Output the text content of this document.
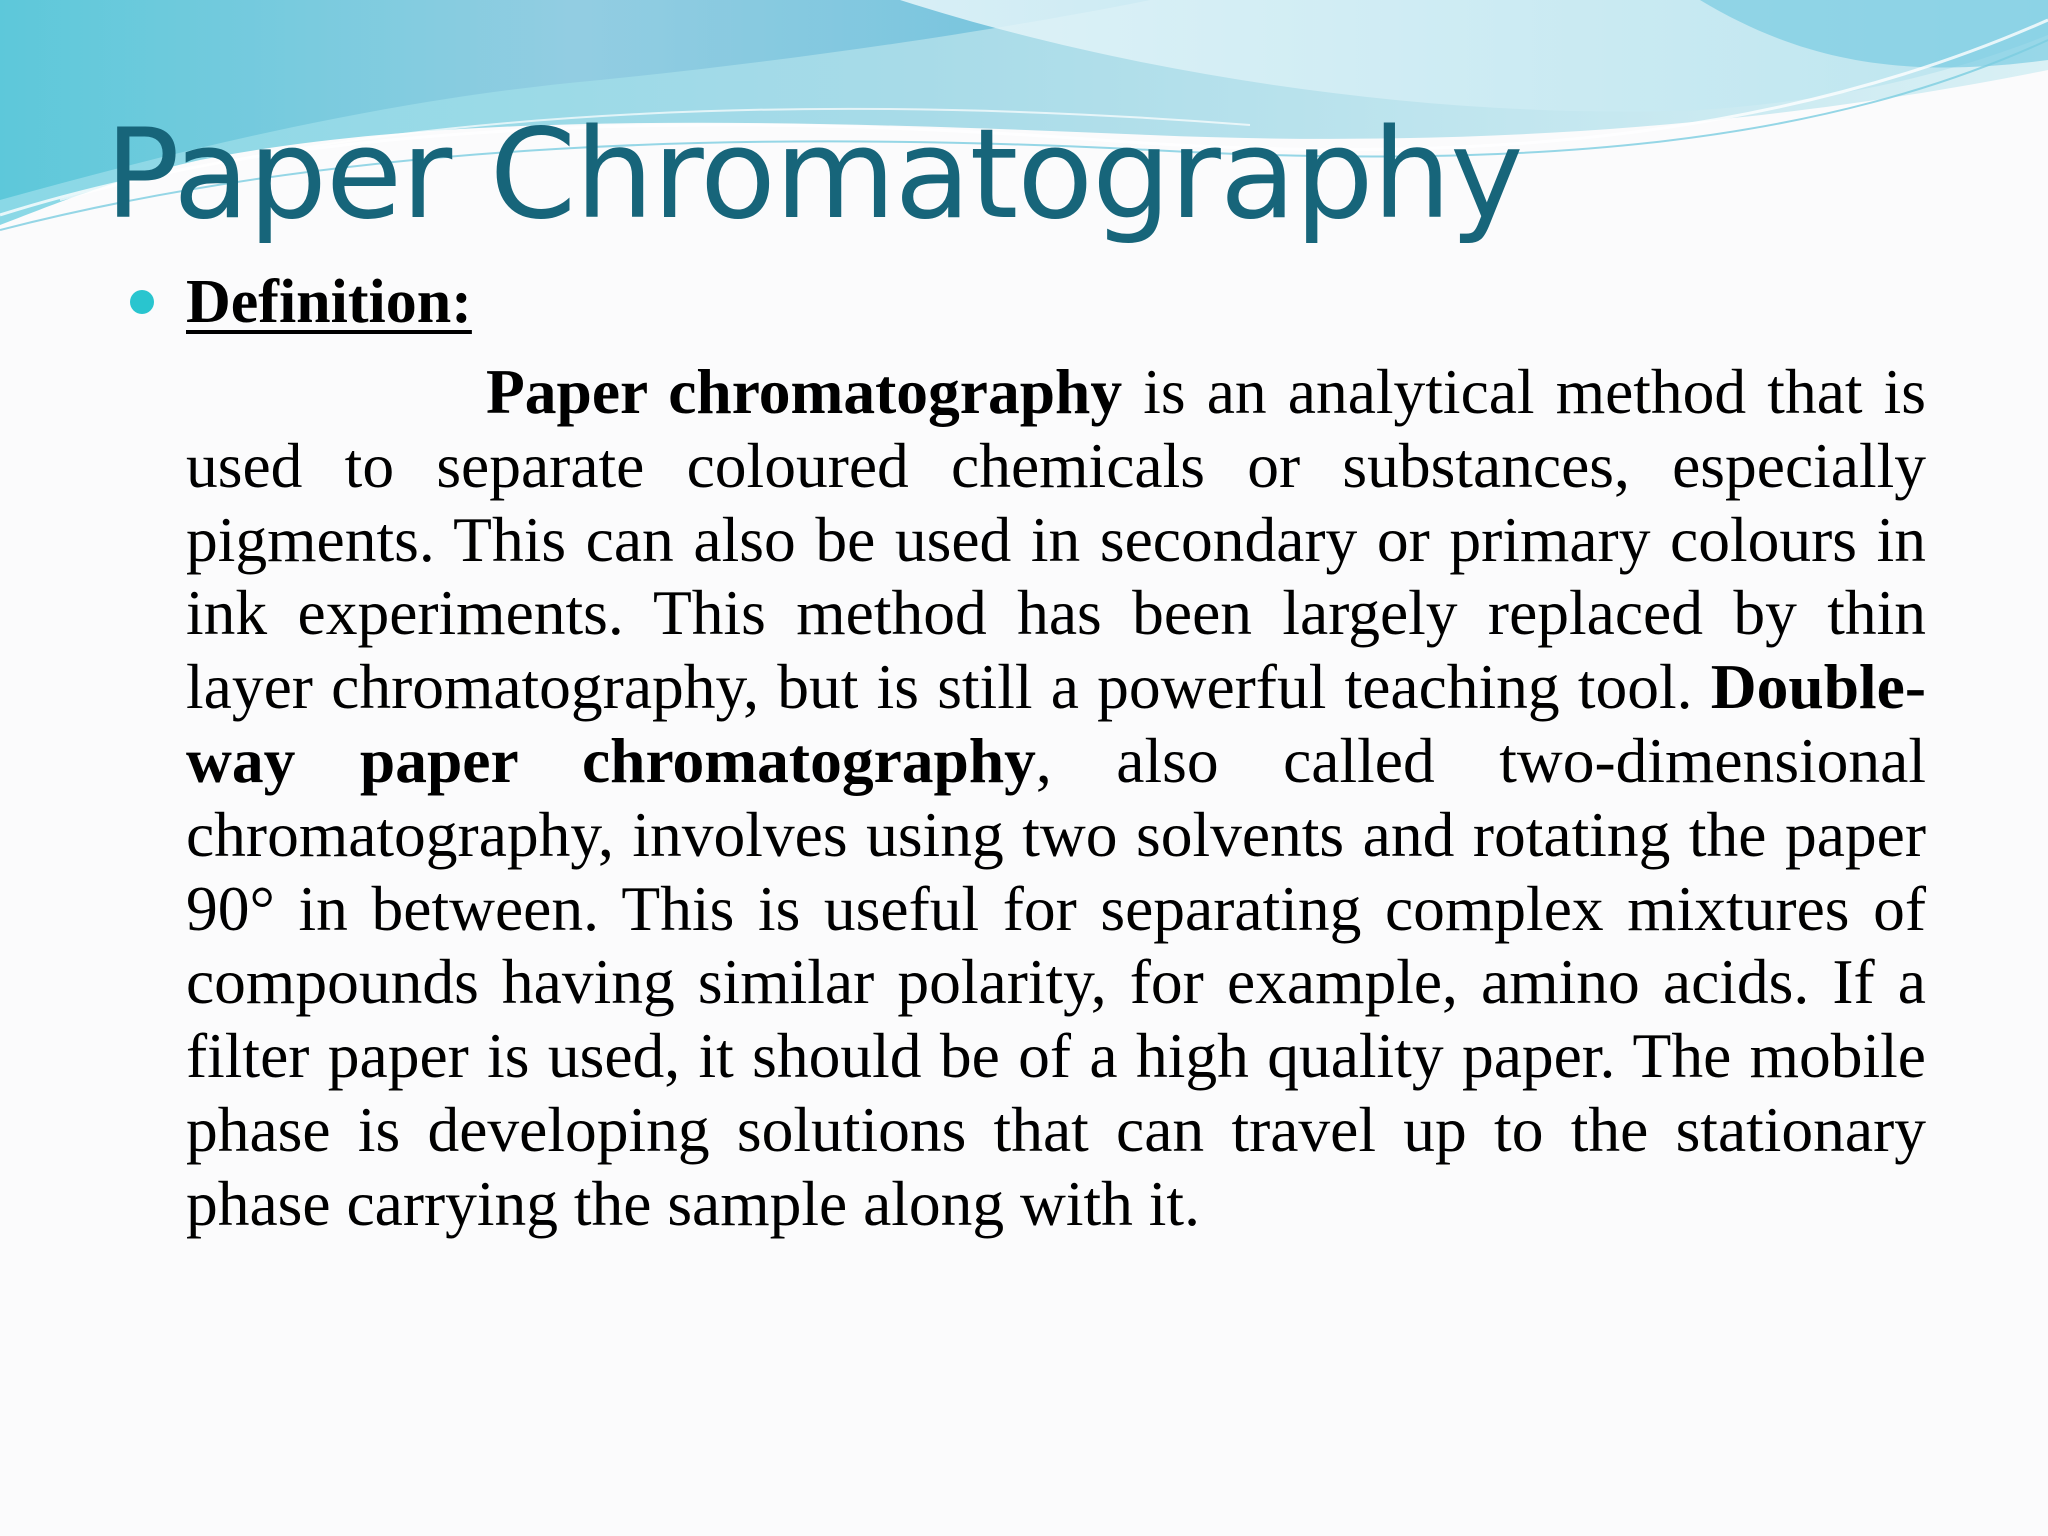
Paper Chromatography
Definition:

Paper chromatography is an analytical method that is used to separate coloured chemicals or substances, especially pigments. This can also be used in secondary or primary colours in ink experiments. This method has been largely replaced by thin layer chromatography, but is still a powerful teaching tool. Double-way paper chromatography, also called two-dimensional chromatography, involves using two solvents and rotating the paper 90° in between. This is useful for separating complex mixtures of compounds having similar polarity, for example, amino acids. If a filter paper is used, it should be of a high quality paper. The mobile phase is developing solutions that can travel up to the stationary phase carrying the sample along with it.
